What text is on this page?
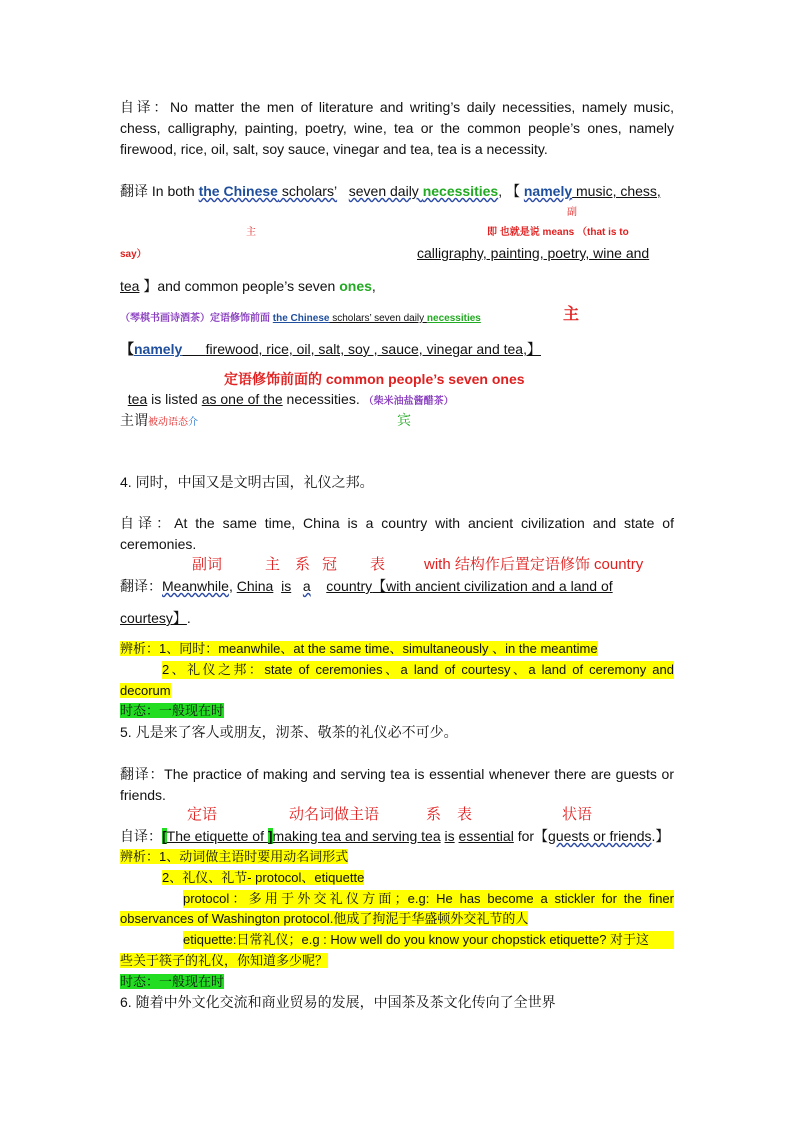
自译：No matter the men of literature and writing’s daily necessities, namely music,
chess, calligraphy, painting, poetry, wine, tea or the common people’s ones, namely
firewood, rice, oil, salt, soy sauce, vinegar and tea, tea is a necessity.
翻译 In both the Chinese scholars’ seven daily necessities, 【 namely music, chess,
副
主	即 也就是说 means （that is to
say）	calligraphy, painting, poetry, wine and
tea 】and common people’s seven ones,
（琴棋书画诗酒茶）定语修饰前面 the Chinese scholars’ seven daily necessities	主
【namely firewood, rice, oil, salt, soy , sauce, vinegar and tea,】
定语修饰前面的 common people’s seven ones
tea is listed as one of the necessities. （柴米油盐酱醋茶）
主谓被动语态介	宾
4. 同时，中国又是文明古国，礼仪之邦。
自译：At the same time, China is a country with ancient civilization and state of
ceremonies.
副词	主 系 冠 表	with 结构作后置定语修饰 country
翻译：Meanwhile, China is a country【with ancient civilization and a land of
courtesy】.
辨析：1、同时：meanwhile、at the same time、simultaneously 、in the meantime
2、礼仪之邦：state of ceremonies、a land of courtesy、a land of ceremony and
decorum
时态：一般现在时
5. 凡是来了客人或朋友，沏茶、敬茶的礼仪必不可少。
翻译：The practice of making and serving tea is essential whenever there are guests or
friends.
定语	动名词做主语	系 表	状语
自译：[The etiquette of ]making tea and serving tea is essential for【guests or friends.】
辨析：1、动词做主语时要用动名词形式
2、礼仪、礼节- protocol、etiquette
protocol：多用于外交礼仪方面；e.g: He has become a stickler for the finer
observances of Washington protocol.他成了拘泥于华盛顿外交礼节的人
etiquette:日常礼仪；e.g : How well do you know your chopstick etiquette? 对于这
些关于筷子的礼仪，你知道多少呢？
时态：一般现在时
6. 随着中外文化交流和商业贸易的发展，中国茶及茶文化传向了全世界
